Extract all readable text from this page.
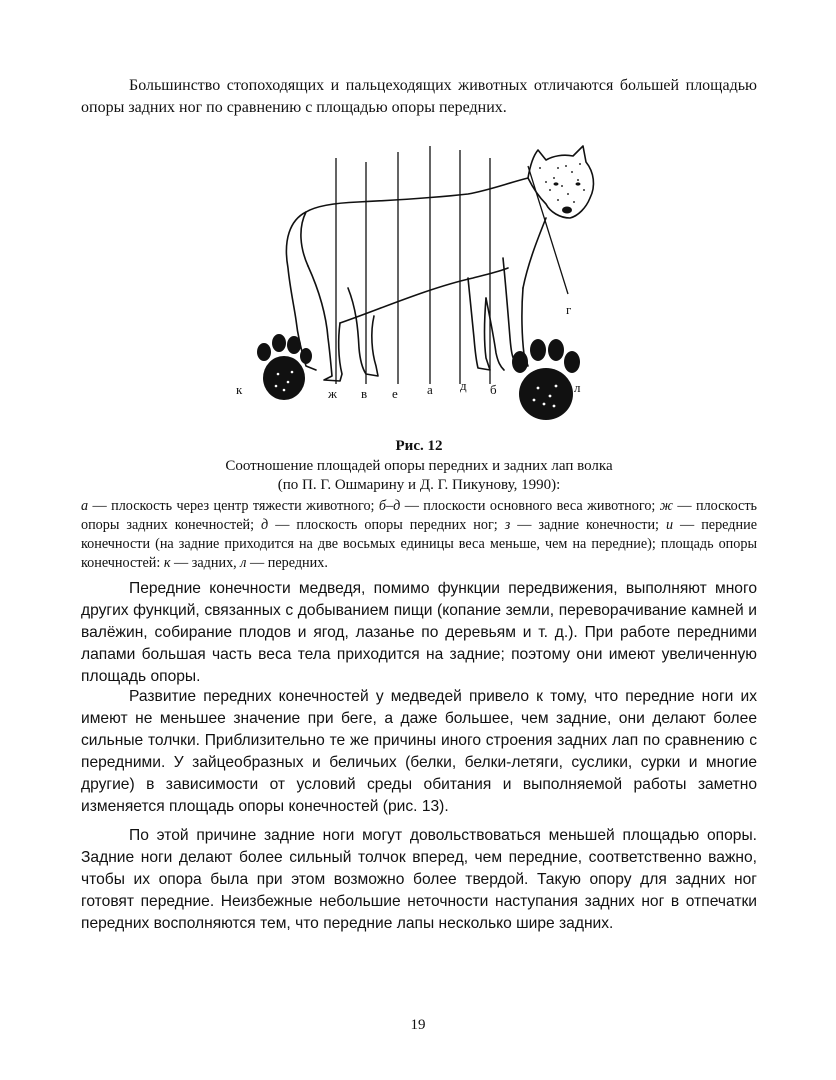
Большинство стопоходящих и пальцеходящих животных отличаются большей площадью опоры задних ног по сравнению с площадью опоры передних.

к	ж в е а д б
г
л

Рис. 12

Соотношение площадей опоры передних и задних лап волка
(по П. Г. Ошмарину и Д. Г. Пикунову, 1990):

а — плоскость через центр тяжести животного; б–д — плоскости основного веса животного; ж — плоскость опоры задних конечностей; д — плоскость опоры передних ног; з — задние конечности; и — передние конечности (на задние приходится на две восьмых единицы веса меньше, чем на передние); площадь опоры конечностей: к — задних, л — передних.

Передние конечности медведя, помимо функции передвижения, выполняют много других функций, связанных с добыванием пищи (копание земли, переворачивание камней и валёжин, собирание плодов и ягод, лазанье по деревьям и т. д.). При работе передними лапами большая часть веса тела приходится на задние; поэтому они имеют увеличенную площадь опоры.

Развитие передних конечностей у медведей привело к тому, что передние ноги их имеют не меньшее значение при беге, а даже большее, чем задние, они делают более сильные толчки. Приблизительно те же причины иного строения задних лап по сравнению с передними. У зайцеобразных и беличьих (белки, белки-летяги, суслики, сурки и многие другие) в зависимости от условий среды обитания и выполняемой работы заметно изменяется площадь опоры конечностей (рис. 13).

По этой причине задние ноги могут довольствоваться меньшей площадью опоры. Задние ноги делают более сильный толчок вперед, чем передние, соответственно важно, чтобы их опора была при этом возможно более твердой. Такую опору для задних ног готовят передние. Неизбежные небольшие неточности наступания задних ног в отпечатки передних восполняются тем, что передние лапы несколько шире задних.

19
